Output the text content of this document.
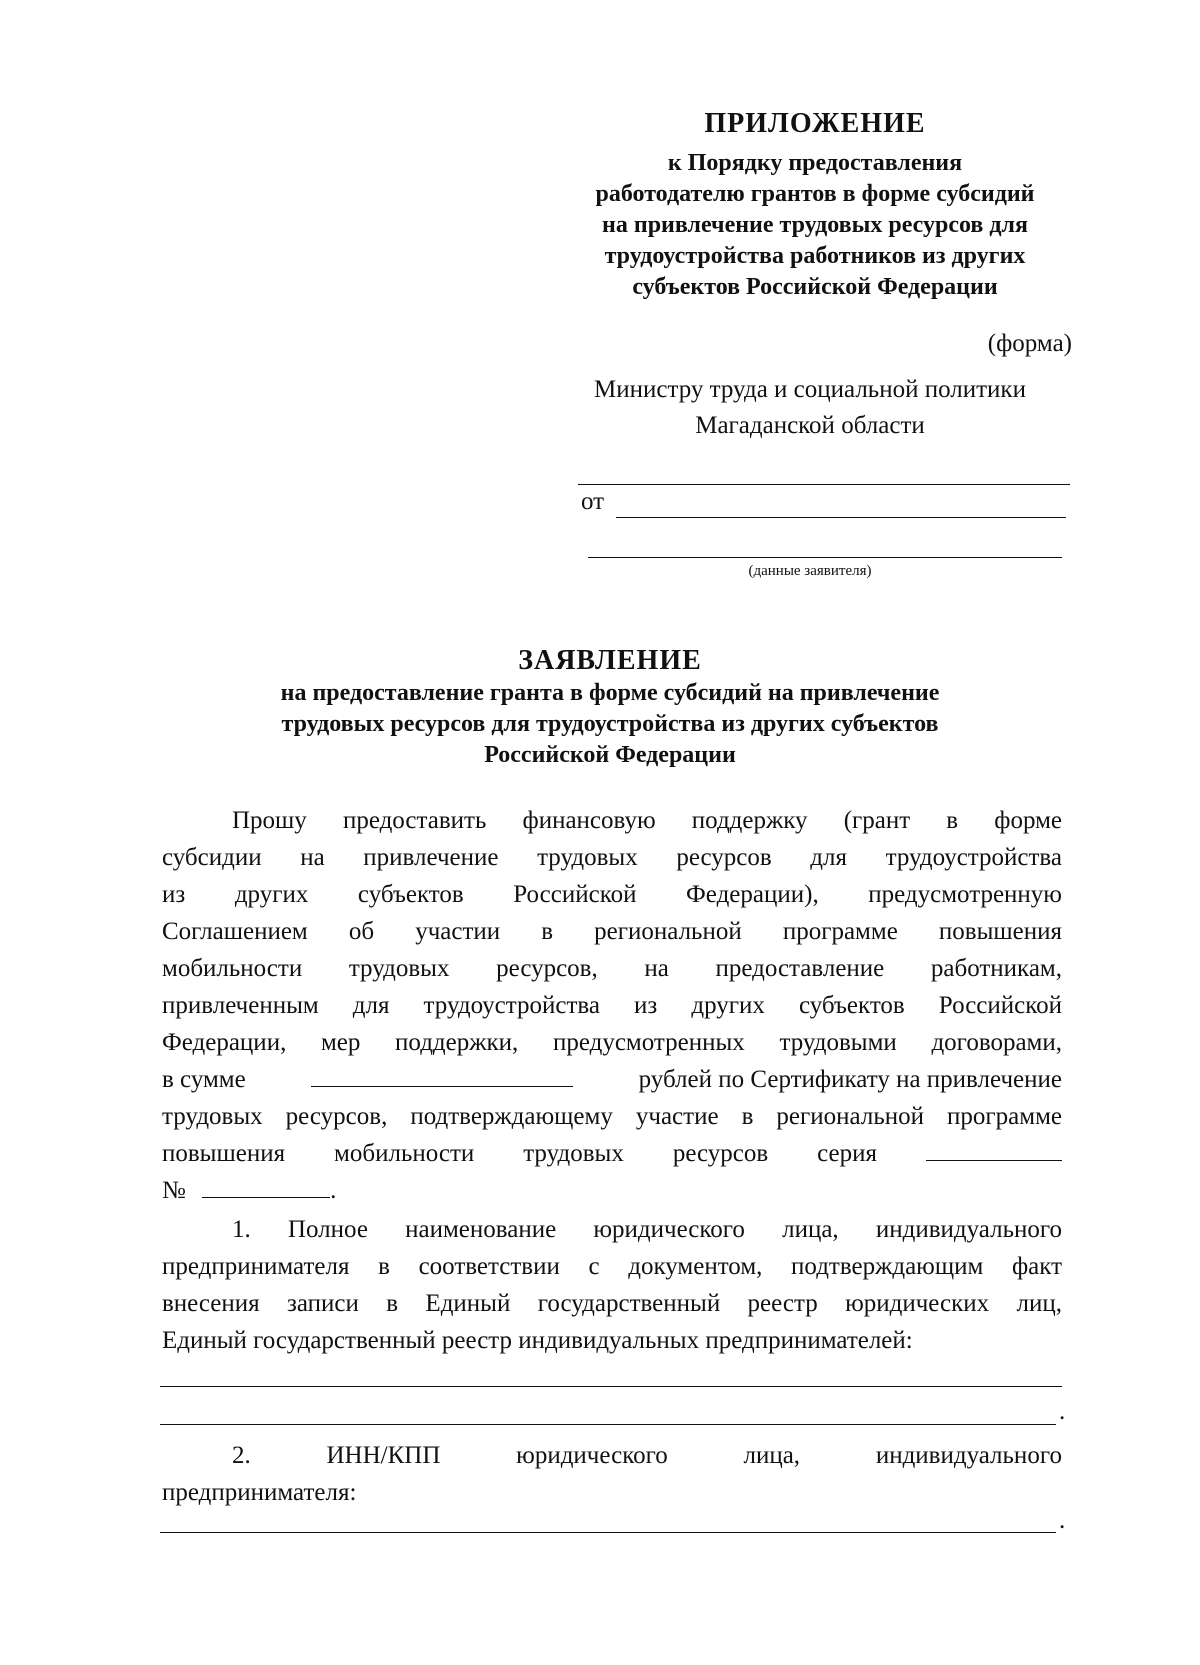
ПРИЛОЖЕНИЕ
к Порядку предоставления
работодателю грантов в форме субсидий
на привлечение трудовых ресурсов для
трудоустройства работников из других
субъектов Российской Федерации
(форма)
Министру труда и социальной политики
Магаданской области
от
(данные заявителя)
ЗАЯВЛЕНИЕ
на предоставление гранта в форме субсидий на привлечение
трудовых ресурсов для трудоустройства из других субъектов
Российской Федерации
Прошу предоставить финансовую поддержку (грант в форме
субсидии на привлечение трудовых ресурсов для трудоустройства
из других субъектов Российской Федерации), предусмотренную
Соглашением об участии в региональной программе повышения
мобильности трудовых ресурсов, на предоставление работникам,
привлеченным для трудоустройства из других субъектов Российской
Федерации, мер поддержки, предусмотренных трудовыми договорами,
в сумме	рублей по Сертификату на привлечение
трудовых ресурсов, подтверждающему участие в региональной программе
повышения мобильности трудовых ресурсов серия
№	.
1. Полное наименование юридического лица, индивидуального
предпринимателя в соответствии с документом, подтверждающим факт
внесения записи в Единый государственный реестр юридических лиц,
Единый государственный реестр индивидуальных предпринимателей:
.
2.	ИНН/КПП	юридического	лица,	индивидуального
предпринимателя:
.
